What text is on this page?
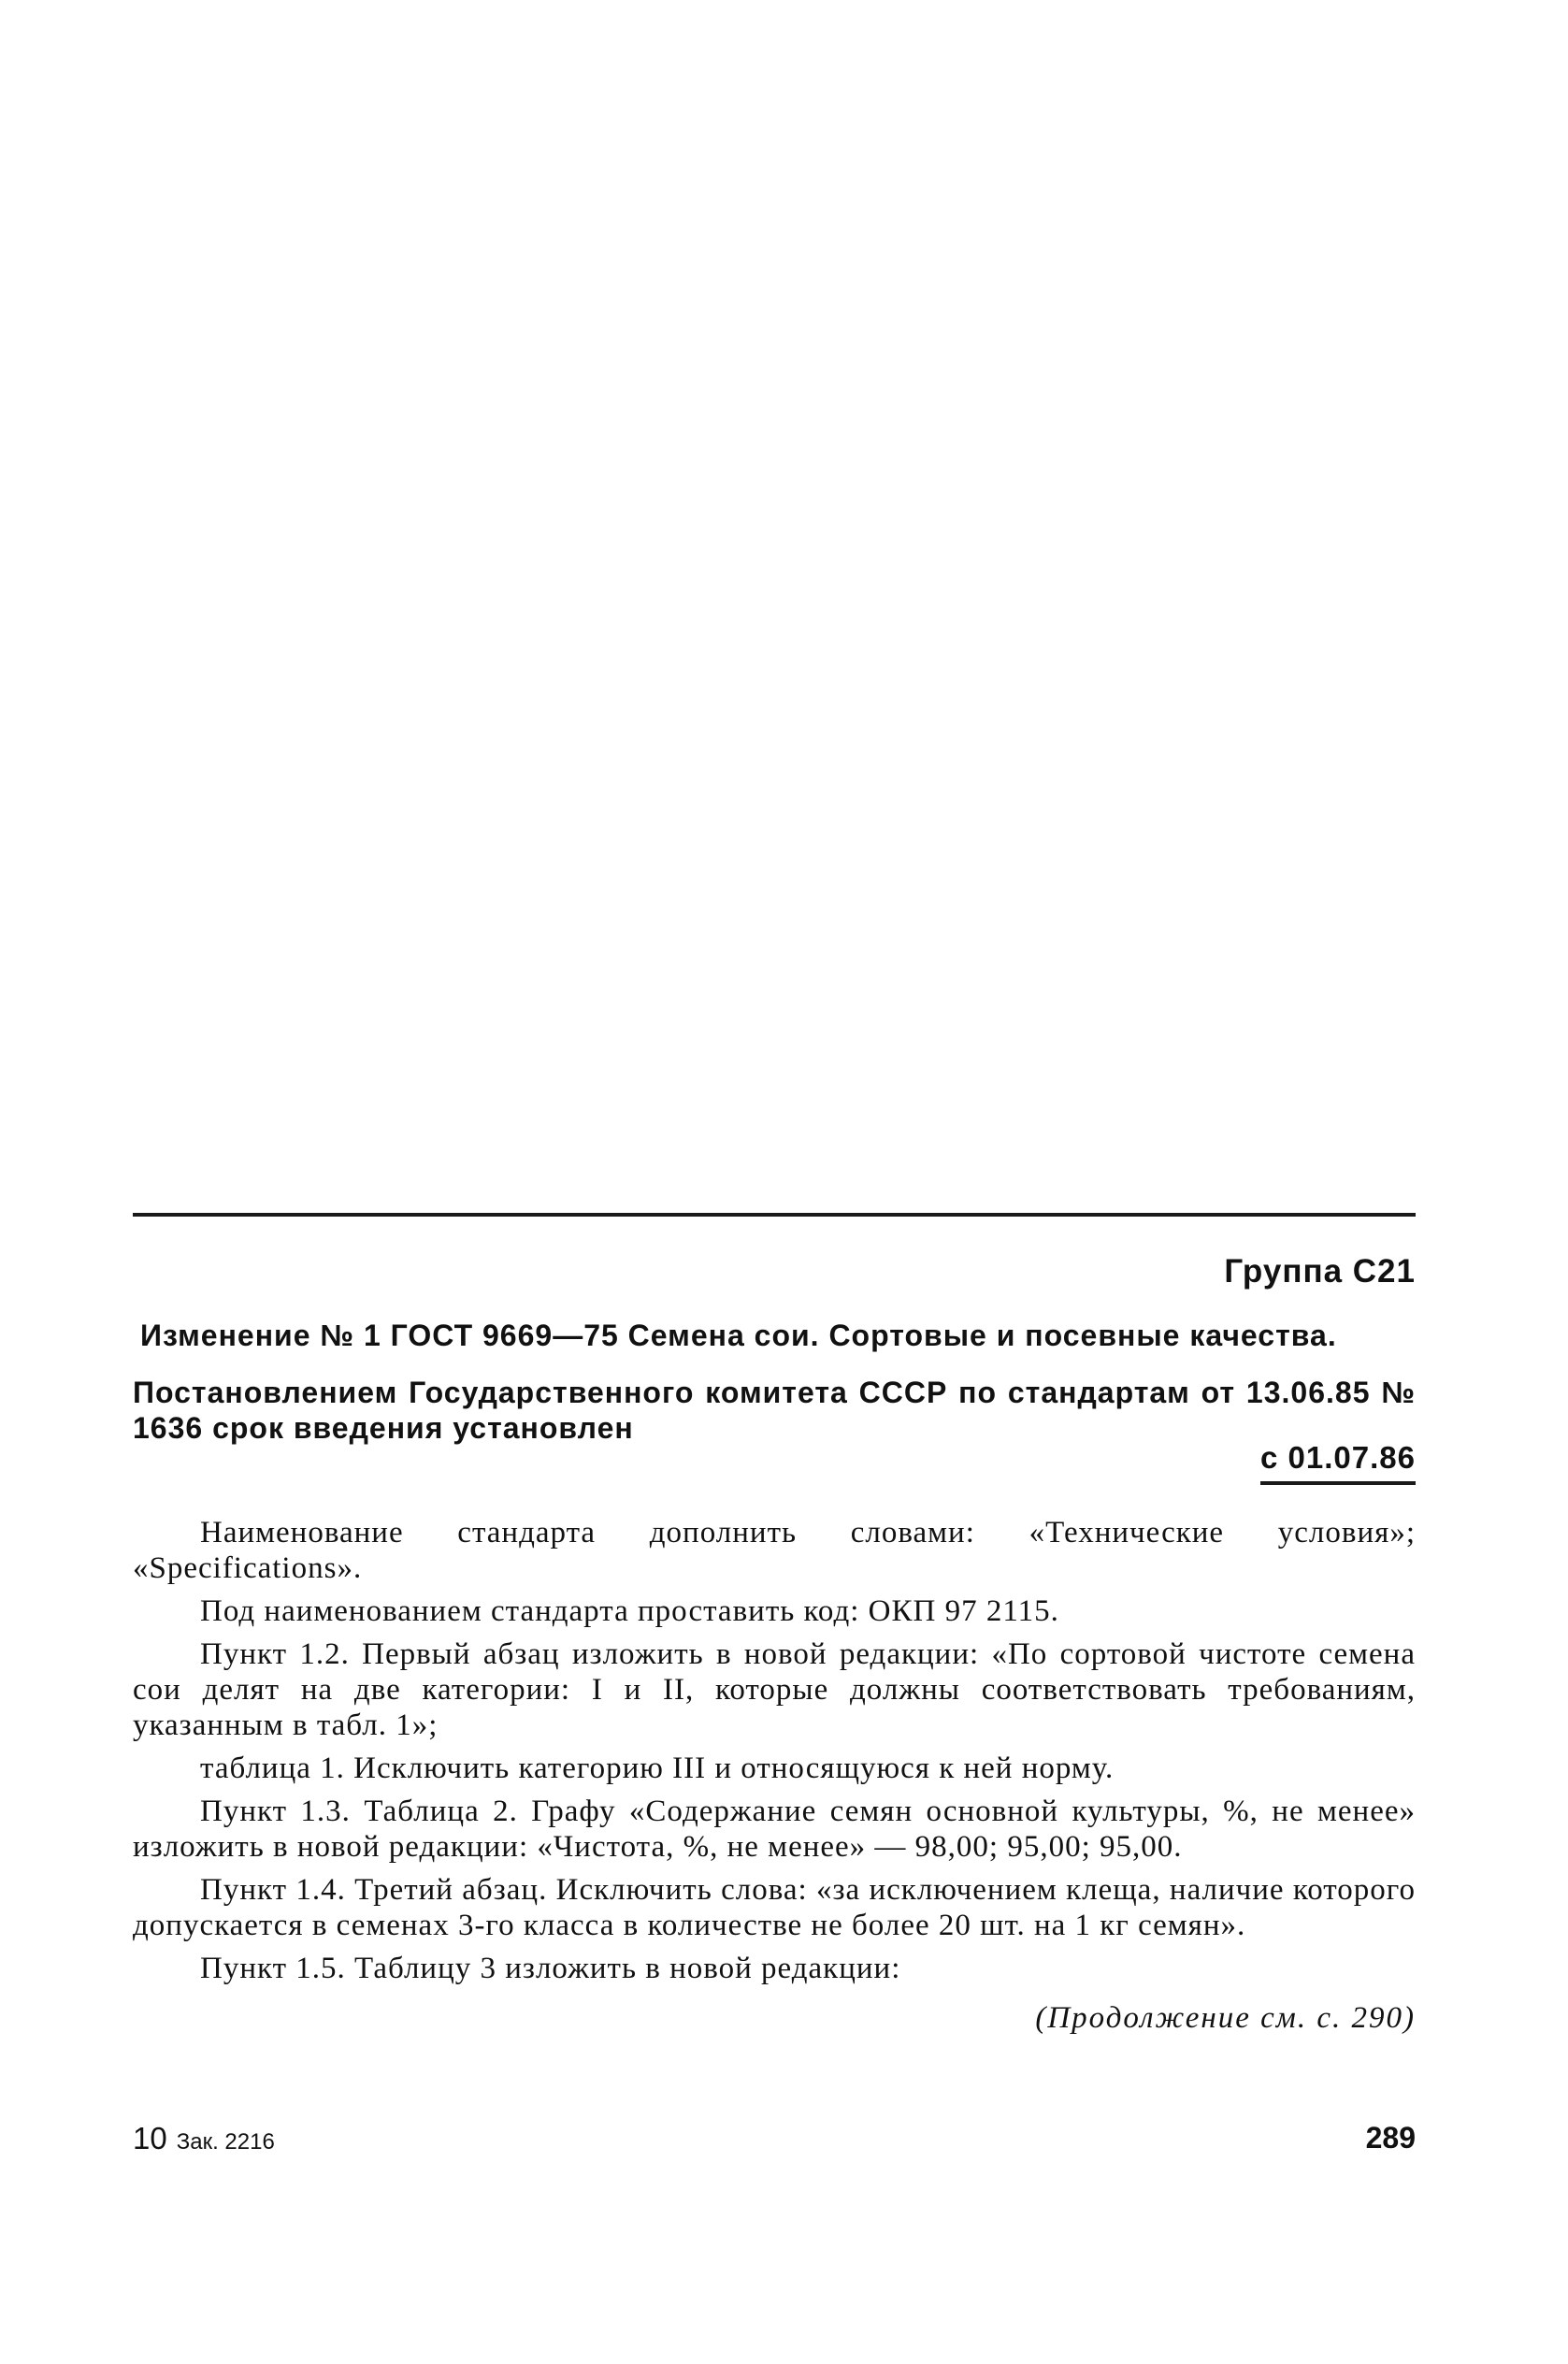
Группа С21
Изменение № 1 ГОСТ 9669—75 Семена сои. Сортовые и посевные качества.
Постановлением Государственного комитета СССР по стандартам от 13.06.85 № 1636 срок введения установлен
с 01.07.86

Наименование стандарта дополнить словами: «Технические условия»; «Specifications».

Под наименованием стандарта проставить код: ОКП 97 2115.

Пункт 1.2. Первый абзац изложить в новой редакции: «По сортовой чистоте семена сои делят на две категории: I и II, которые должны соответствовать требованиям, указанным в табл. 1»;

таблица 1. Исключить категорию III и относящуюся к ней норму.

Пункт 1.3. Таблица 2. Графу «Содержание семян основной культуры, %, не менее» изложить в новой редакции: «Чистота, %, не менее» — 98,00; 95,00; 95,00.

Пункт 1.4. Третий абзац. Исключить слова: «за исключением клеща, наличие которого допускается в семенах 3-го класса в количестве не более 20 шт. на 1 кг семян».

Пункт 1.5. Таблицу 3 изложить в новой редакции:

(Продолжение см. с. 290)
10 Зак. 2216	289
